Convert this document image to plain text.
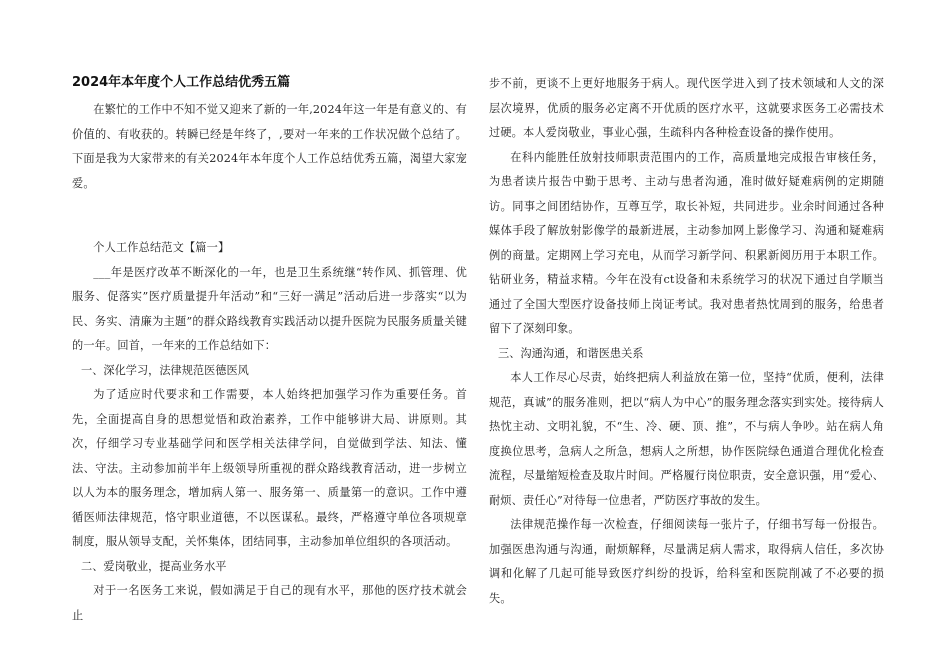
2024年本年度个人工作总结优秀五篇

在繁忙的工作中不知不觉又迎来了新的一年,2024年这一年是有意义的、有价值的、有收获的。转瞬已经是年终了，,要对一年来的工作状况做个总结了。下面是我为大家带来的有关2024年本年度个人工作总结优秀五篇，渴望大家宠爱。

个人工作总结范文【篇一】

___年是医疗改革不断深化的一年，也是卫生系统继“转作风、抓管理、优服务、促落实”医疗质量提升年活动”和“三好一满足”活动后进一步落实“以为民、务实、清廉为主题”的群众路线教育实践活动以提升医院为民服务质量关键的一年。回首，一年来的工作总结如下：

一、深化学习，法律规范医德医风

为了适应时代要求和工作需要，本人始终把加强学习作为重要任务。首先，全面提高自身的思想觉悟和政治素养，工作中能够讲大局、讲原则。其次，仔细学习专业基础学问和医学相关法律学问，自觉做到学法、知法、懂法、守法。主动参加前半年上级领导所重视的群众路线教育活动，进一步树立以人为本的服务理念，增加病人第一、服务第一、质量第一的意识。工作中遵循医师法律规范，恪守职业道德，不以医谋私。最终，严格遵守单位各项规章制度，服从领导支配，关怀集体，团结同事，主动参加单位组织的各项活动。

二、爱岗敬业，提高业务水平

对于一名医务工来说，假如满足于自己的现有水平，那他的医疗技术就会止

步不前，更谈不上更好地服务于病人。现代医学进入到了技术领域和人文的深层次境界，优质的服务必定离不开优质的医疗水平，这就要求医务工必需技术过硬。本人爱岗敬业，事业心强，生疏科内各种检查设备的操作使用。

在科内能胜任放射技师职责范围内的工作，高质量地完成报告审核任务，为患者读片报告中勤于思考、主动与患者沟通，准时做好疑难病例的定期随访。同事之间团结协作，互尊互学，取长补短，共同进步。业余时间通过各种媒体手段了解放射影像学的最新进展，主动参加网上影像学习、沟通和疑难病例的商量。定期网上学习充电，从而学习新学问、积累新阅历用于本职工作。钻研业务，精益求精。今年在没有ct设备和未系统学习的状况下通过自学顺当通过了全国大型医疗设备技师上岗证考试。我对患者热忱周到的服务，给患者留下了深刻印象。

三、沟通沟通，和谐医患关系

本人工作尽心尽责，始终把病人利益放在第一位，坚持“优质，便利，法律规范，真诚”的服务准则，把以“病人为中心”的服务理念落实到实处。接待病人热忱主动、文明礼貌，不“生、冷、硬、顶、推”，不与病人争吵。站在病人角度换位思考，急病人之所急，想病人之所想，协作医院绿色通道合理优化检查流程，尽量缩短检查及取片时间。严格履行岗位职责，安全意识强，用“爱心、耐烦、责任心”对待每一位患者，严防医疗事故的发生。

法律规范操作每一次检查，仔细阅读每一张片子，仔细书写每一份报告。加强医患沟通与沟通，耐烦解释，尽量满足病人需求，取得病人信任，多次协调和化解了几起可能导致医疗纠纷的投诉，给科室和医院削减了不必要的损失。
